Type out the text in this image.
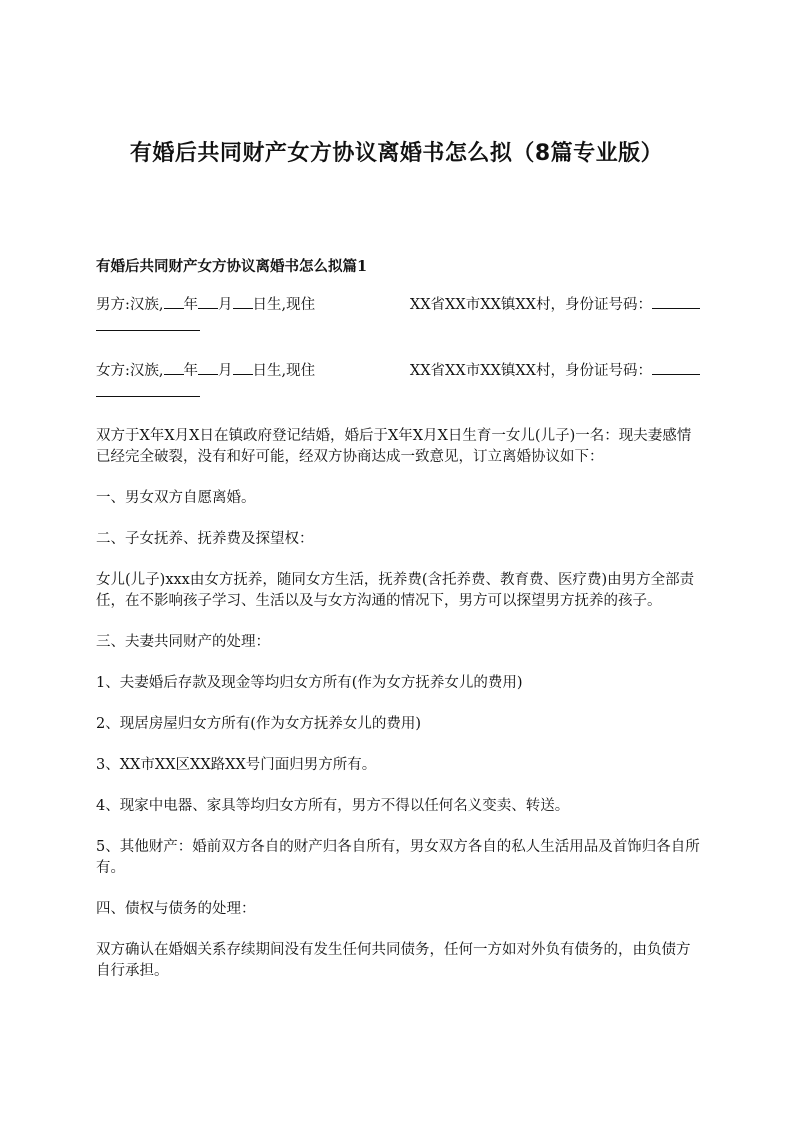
有婚后共同财产女方协议离婚书怎么拟（8篇专业版）
有婚后共同财产女方协议离婚书怎么拟篇1
男方:汉族, 年 月 日生,现住	XX省XX市XX镇XX村，身份证号码：
女方:汉族, 年 月 日生,现住	XX省XX市XX镇XX村，身份证号码：

双方于X年X月X日在镇政府登记结婚，婚后于X年X月X日生育一女儿(儿子)一名：现夫妻感情已经完全破裂，没有和好可能，经双方协商达成一致意见，订立离婚协议如下：

一、男女双方自愿离婚。

二、子女抚养、抚养费及探望权：

女儿(儿子)xxx由女方抚养，随同女方生活，抚养费(含托养费、教育费、医疗费)由男方全部责任，在不影响孩子学习、生活以及与女方沟通的情况下，男方可以探望男方抚养的孩子。

三、夫妻共同财产的处理：

1、夫妻婚后存款及现金等均归女方所有(作为女方抚养女儿的费用)

2、现居房屋归女方所有(作为女方抚养女儿的费用)

3、XX市XX区XX路XX号门面归男方所有。

4、现家中电器、家具等均归女方所有，男方不得以任何名义变卖、转送。

5、其他财产：婚前双方各自的财产归各自所有，男女双方各自的私人生活用品及首饰归各自所有。

四、债权与债务的处理：

双方确认在婚姻关系存续期间没有发生任何共同债务，任何一方如对外负有债务的，由负债方自行承担。
